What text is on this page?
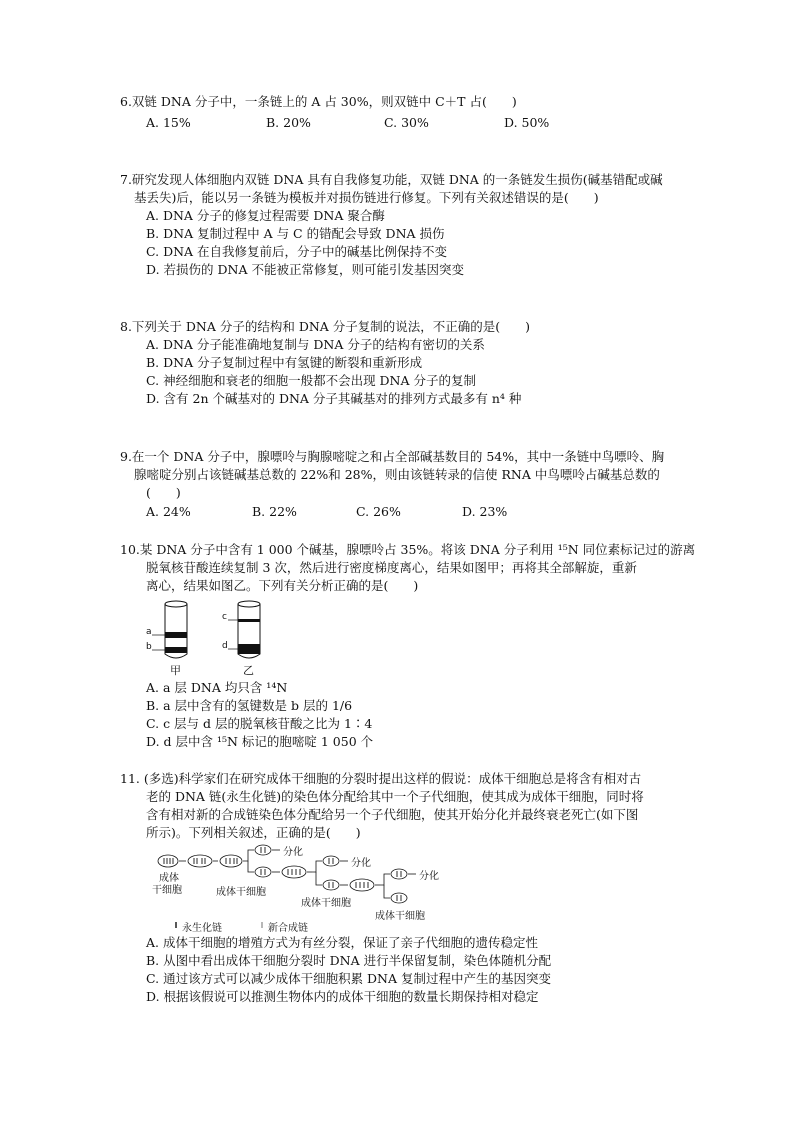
6.双链 DNA 分子中，一条链上的 A 占 30%，则双链中 C＋T 占(　　)
A. 15%	B. 20%	C. 30%	D. 50%
7.研究发现人体细胞内双链 DNA 具有自我修复功能，双链 DNA 的一条链发生损伤(碱基错配或碱
基丢失)后，能以另一条链为模板并对损伤链进行修复。下列有关叙述错误的是(　　)
A. DNA 分子的修复过程需要 DNA 聚合酶
B. DNA 复制过程中 A 与 C 的错配会导致 DNA 损伤
C. DNA 在自我修复前后，分子中的碱基比例保持不变
D. 若损伤的 DNA 不能被正常修复，则可能引发基因突变
8.下列关于 DNA 分子的结构和 DNA 分子复制的说法，不正确的是(　　)
A. DNA 分子能准确地复制与 DNA 分子的结构有密切的关系
B. DNA 分子复制过程中有氢键的断裂和重新形成
C. 神经细胞和衰老的细胞一般都不会出现 DNA 分子的复制
D. 含有 2n 个碱基对的 DNA 分子其碱基对的排列方式最多有 n⁴ 种
9.在一个 DNA 分子中，腺嘌呤与胸腺嘧啶之和占全部碱基数目的 54%，其中一条链中鸟嘌呤、胸
腺嘧啶分别占该链碱基总数的 22%和 28%，则由该链转录的信使 RNA 中鸟嘌呤占碱基总数的
(　　)
A. 24%	B. 22%	C. 26%	D. 23%
10.某 DNA 分子中含有 1 000 个碱基，腺嘌呤占 35%。将该 DNA 分子利用 ¹⁵N 同位素标记过的游离
脱氧核苷酸连续复制 3 次，然后进行密度梯度离心，结果如图甲；再将其全部解旋，重新
离心，结果如图乙。下列有关分析正确的是(　　)
a
b
c
d
甲	乙
A. a 层 DNA 均只含 ¹⁴N
B. a 层中含有的氢键数是 b 层的 1/6
C. c 层与 d 层的脱氧核苷酸之比为 1∶4
D. d 层中含 ¹⁵N 标记的胞嘧啶 1 050 个
11. (多选)科学家们在研究成体干细胞的分裂时提出这样的假说：成体干细胞总是将含有相对古
老的 DNA 链(永生化链)的染色体分配给其中一个子代细胞，使其成为成体干细胞，同时将
含有相对新的合成链染色体分配给另一个子代细胞，使其开始分化并最终衰老死亡(如下图
所示)。下列相关叙述，正确的是(　　)
分化
分化
分化
成体
干细胞	成体干细胞
成体干细胞
成体干细胞
永生化链	新合成链
A. 成体干细胞的增殖方式为有丝分裂，保证了亲子代细胞的遗传稳定性
B. 从图中看出成体干细胞分裂时 DNA 进行半保留复制，染色体随机分配
C. 通过该方式可以减少成体干细胞积累 DNA 复制过程中产生的基因突变
D. 根据该假说可以推测生物体内的成体干细胞的数量长期保持相对稳定
